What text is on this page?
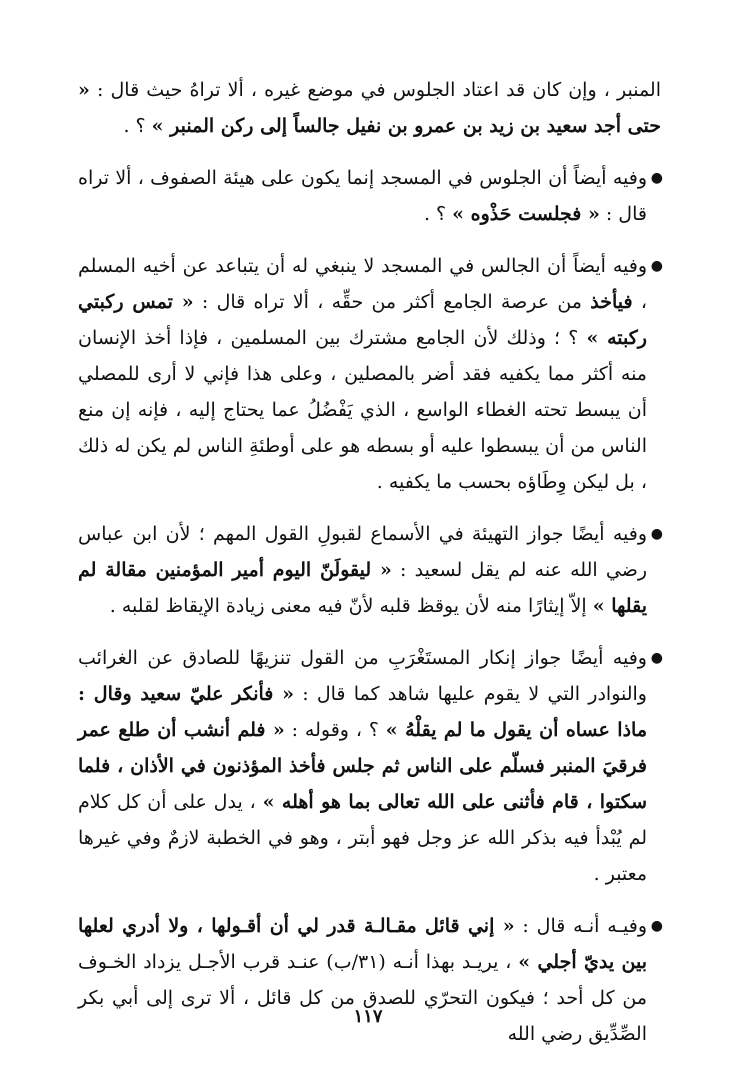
المنبر ، وإن كان قد اعتاد الجلوس في موضع غيره ، ألا تراهُ حيث قال : « حتى أجد سعيد بن زيد بن عمرو بن نفيل جالساً إلى ركن المنبر » ؟ .

●
وفيه أيضاً أن الجلوس في المسجد إنما يكون على هيئة الصفوف ، ألا تراه قال : « فجلست حَذْوه » ؟ .

●
وفيه أيضاً أن الجالس في المسجد لا ينبغي له أن يتباعد عن أخيه المسلم ، فيأخذ من عرصة الجامع أكثر من حقِّه ، ألا تراه قال : « تمس ركبتي ركبته » ؟ ؛ وذلك لأن الجامع مشترك بين المسلمين ، فإذا أخذ الإنسان منه أكثر مما يكفيه فقد أضر بالمصلين ، وعلى هذا فإني لا أرى للمصلي أن يبسط تحته الغطاء الواسع ، الذي يَفْضُلُ عما يحتاج إليه ، فإنه إن منع الناس من أن يبسطوا عليه أو بسطه هو على أوطئةِ الناس لم يكن له ذلك ، بل ليكن وِطَاؤه بحسب ما يكفيه .

●
وفيه أيضًا جواز التهيئة في الأسماع لقبولِ القول المهم ؛ لأن ابن عباس رضي الله عنه لم يقل لسعيد : « ليقولَنّ اليوم أمير المؤمنين مقالة لم يقلها » إلاّ إيثارًا منه لأن يوقظ قلبه لأنّ فيه معنى زيادة الإيقاظ لقلبه .

●
وفيه أيضًا جواز إنكار المستَغْرَبِ من القول تنزيهًا للصادق عن الغرائب والنوادر التي لا يقوم عليها شاهد كما قال : « فأنكر عليّ سعيد وقال : ماذا عساه أن يقول ما لم يقلْهُ » ؟ ، وقوله : « فلم أنشب أن طلع عمر فرقيَ المنبر فسلّم على الناس ثم جلس فأخذ المؤذنون في الأذان ، فلما سكتوا ، قام فأثنى على الله تعالى بما هو أهله » ، يدل على أن كل كلام لم يُبْدأ فيه بذكر الله عز وجل فهو أبتر ، وهو في الخطبة لازمٌ وفي غيرها معتبر .

●
وفيـه أنـه قال : « إني قائل مقـالـة قدر لي أن أقـولها ، ولا أدري لعلها بين يديّ أجلي » ، يريـد بهذا أنـه (٣١/ب) عنـد قرب الأجـل يزداد الخـوف من كل أحد ؛ فيكون التحرّي للصدق من كل قائل ، ألا ترى إلى أبي بكر الصِّدِّيق رضي الله

١١٧
